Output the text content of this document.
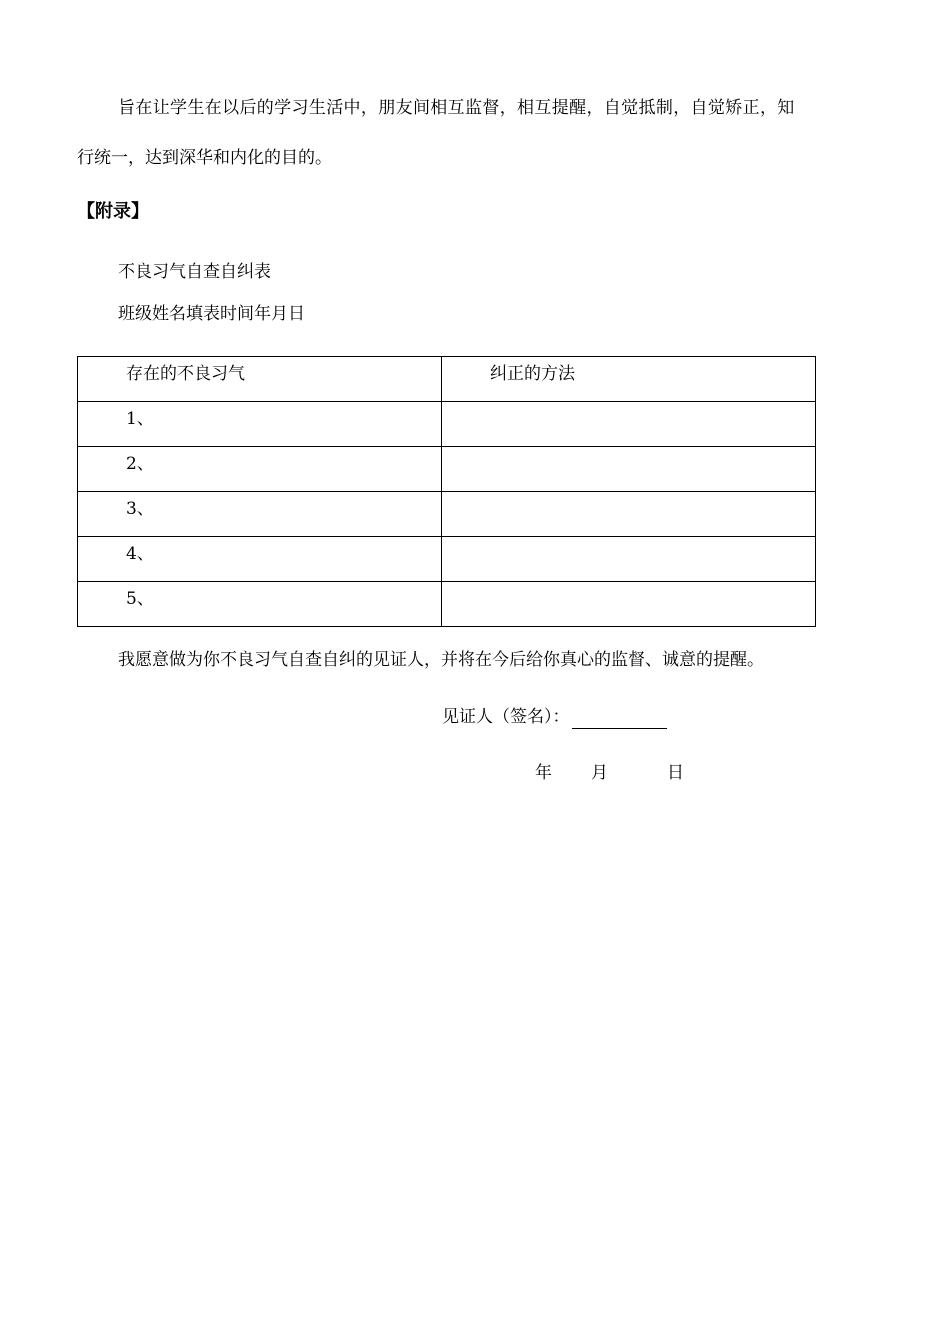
旨在让学生在以后的学习生活中，朋友间相互监督，相互提醒，自觉抵制，自觉矫正，知
行统一，达到深华和内化的目的。
【附录】
不良习气自查自纠表
班级姓名填表时间年月日
存在的不良习气	纠正的方法
1、	
2、	
3、	
4、	
5、	
我愿意做为你不良习气自查自纠的见证人，并将在今后给你真心的监督、诚意的提醒。
见证人（签名）：
年 月	日
